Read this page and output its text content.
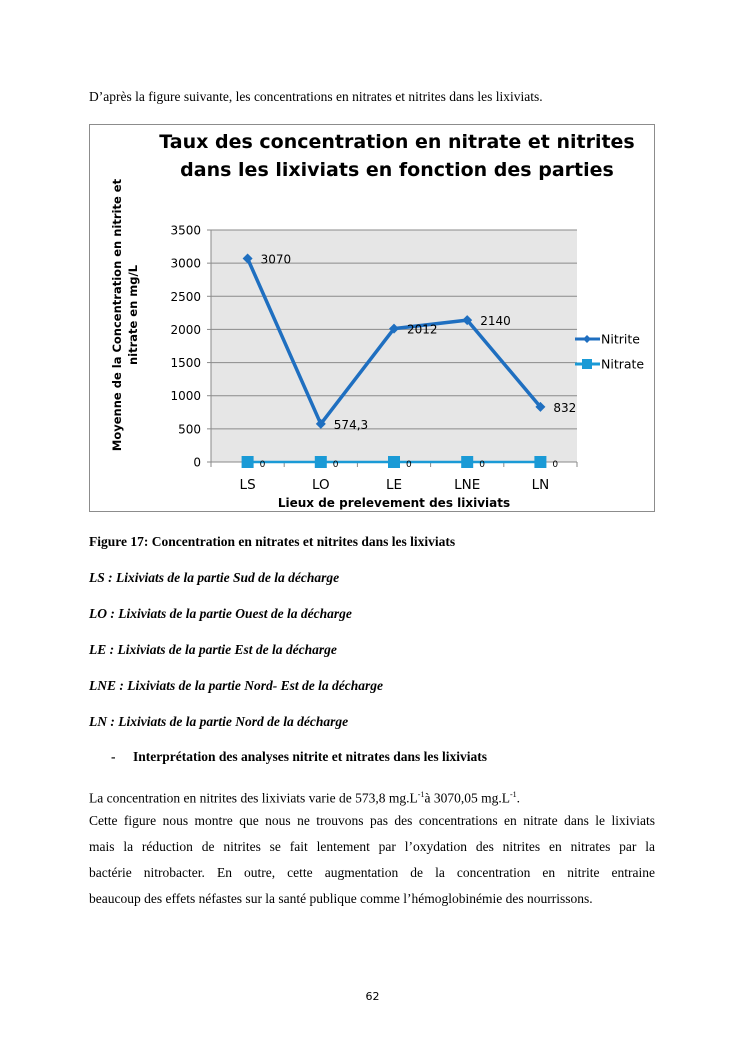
D’après la figure suivante, les concentrations en nitrates et nitrites dans les lixiviats.
0
500
1000
1500
2000
2500
3000
3500
LS	LO	LE	LNE	LN
3070
574,3
2012
2140
832
0	0	0	0	0
Nitrite
Nitrate
Taux des concentration en nitrate et nitrites
dans les lixiviats en fonction des parties
Lieux de prelevement des lixiviats
Moyenne de la Concentration en nitrite et nitrate en mg/L
Figure 17: Concentration en nitrates et nitrites dans les lixiviats
LS : Lixiviats de la partie Sud de la décharge
LO : Lixiviats de la partie Ouest de la décharge
LE : Lixiviats de la partie Est de la décharge
LNE : Lixiviats de la partie Nord- Est de la décharge
LN : Lixiviats de la partie Nord de la décharge
- Interprétation des analyses nitrite et nitrates dans les lixiviats
La concentration en nitrites des lixiviats varie de 573,8 $mg.L^{-1}à$ 3070,05 $mg.L^{-1}$.
Cette figure nous montre que nous ne trouvons pas des concentrations en nitrate dans le lixiviats
mais la réduction de nitrites se fait lentement par l’oxydation des nitrites en nitrates par la
bactérie nitrobacter. En outre, cette augmentation de la concentration en nitrite entraine
beaucoup des effets néfastes sur la santé publique comme l’hémoglobinémie des nourrissons.
62
